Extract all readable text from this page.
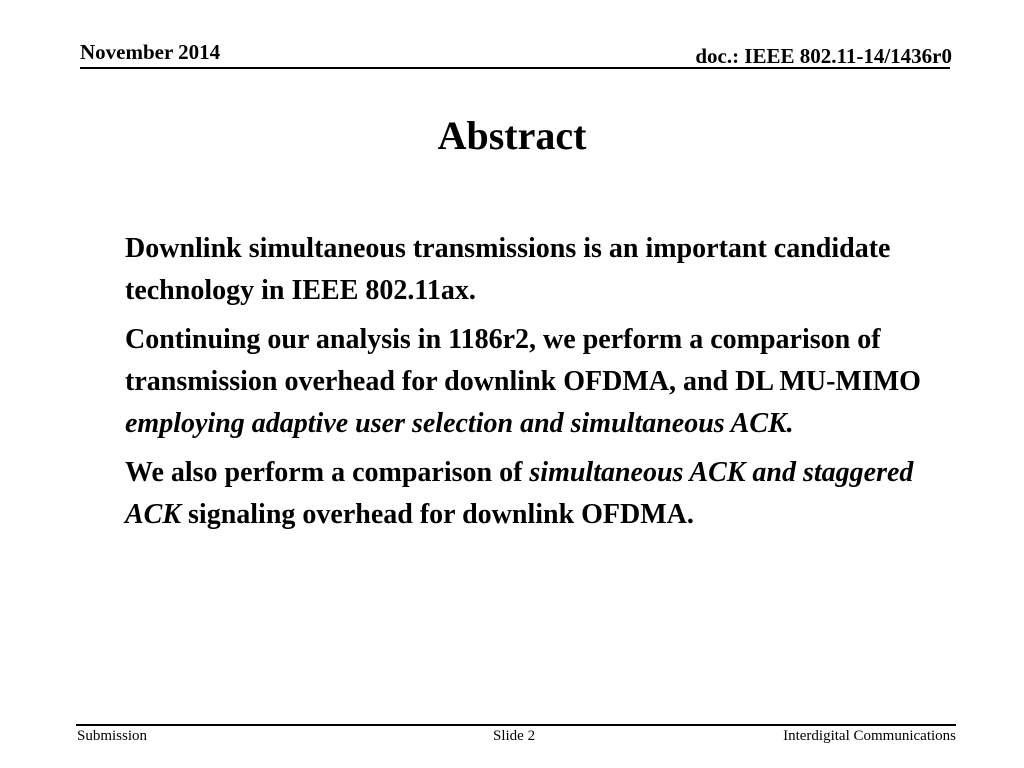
November 2014	doc.: IEEE 802.11-14/1436r0
Abstract

Downlink simultaneous transmissions is an important candidate technology in IEEE 802.11ax.

Continuing our analysis in 1186r2, we perform a comparison of transmission overhead for downlink OFDMA, and DL MU-MIMO employing adaptive user selection and simultaneous ACK.

We also perform a comparison of simultaneous ACK and staggered ACK signaling overhead for downlink OFDMA.

Submission	Slide 2	Interdigital Communications
